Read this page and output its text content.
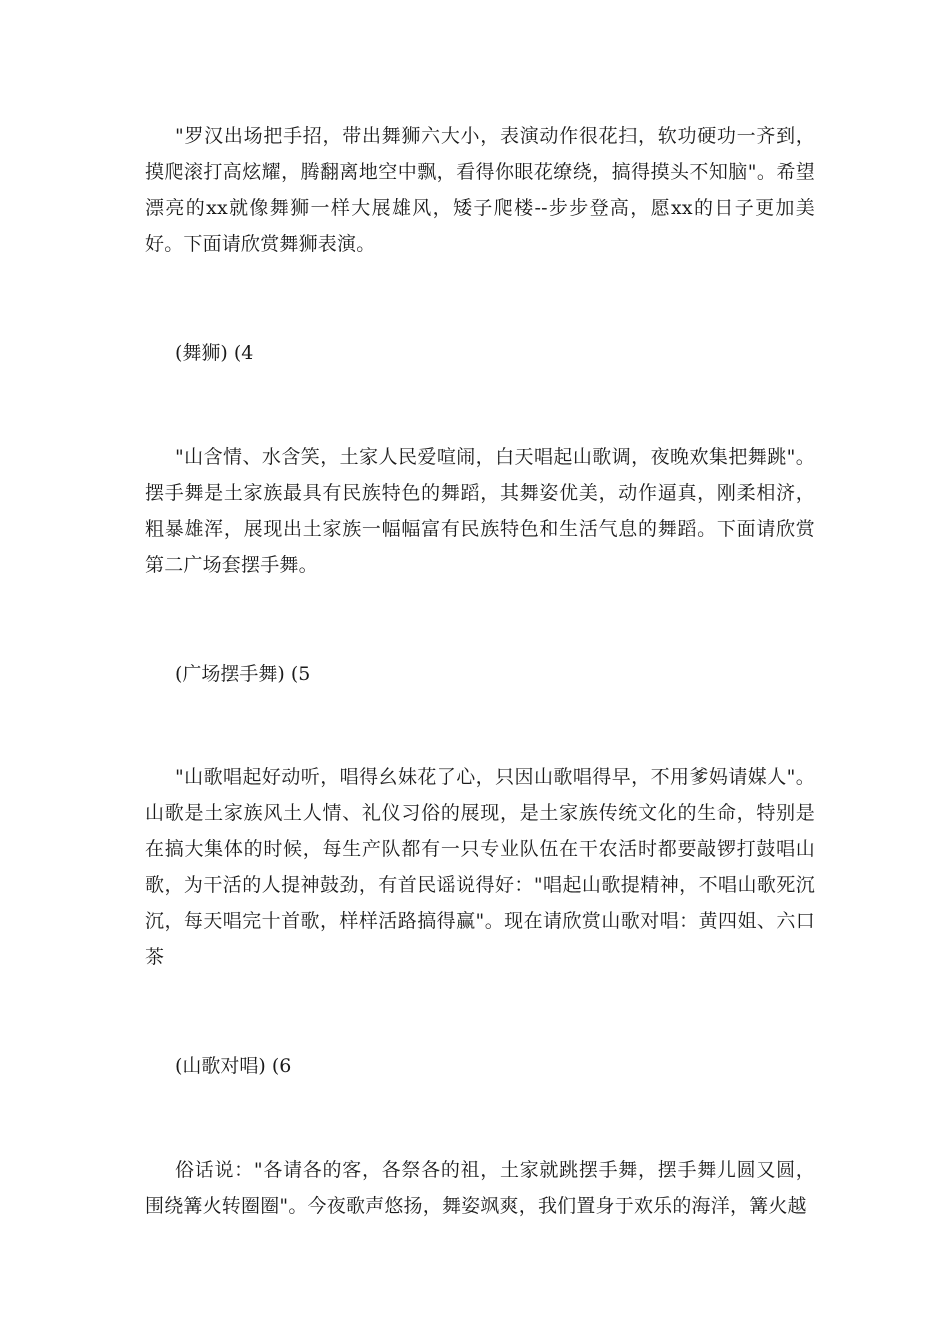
"罗汉出场把手招，带出舞狮六大小，表演动作很花扫，软功硬功一齐到，摸爬滚打高炫耀，腾翻离地空中飘，看得你眼花缭绕，搞得摸头不知脑"。希望漂亮的xx就像舞狮一样大展雄风，矮子爬楼--步步登高，愿xx的日子更加美好。下面请欣赏舞狮表演。

(舞狮) (4

"山含情、水含笑，土家人民爱喧闹，白天唱起山歌调，夜晚欢集把舞跳"。摆手舞是土家族最具有民族特色的舞蹈，其舞姿优美，动作逼真，刚柔相济，粗暴雄浑，展现出土家族一幅幅富有民族特色和生活气息的舞蹈。下面请欣赏第二广场套摆手舞。

(广场摆手舞) (5

"山歌唱起好动听，唱得幺妹花了心，只因山歌唱得早，不用爹妈请媒人"。山歌是土家族风土人情、礼仪习俗的展现，是土家族传统文化的生命，特别是在搞大集体的时候，每生产队都有一只专业队伍在干农活时都要敲锣打鼓唱山歌，为干活的人提神鼓劲，有首民谣说得好："唱起山歌提精神，不唱山歌死沉沉，每天唱完十首歌，样样活路搞得赢"。现在请欣赏山歌对唱：黄四姐、六口茶

(山歌对唱) (6

俗话说："各请各的客，各祭各的祖，土家就跳摆手舞，摆手舞儿圆又圆，围绕篝火转圈圈"。今夜歌声悠扬，舞姿飒爽，我们置身于欢乐的海洋，篝火越
